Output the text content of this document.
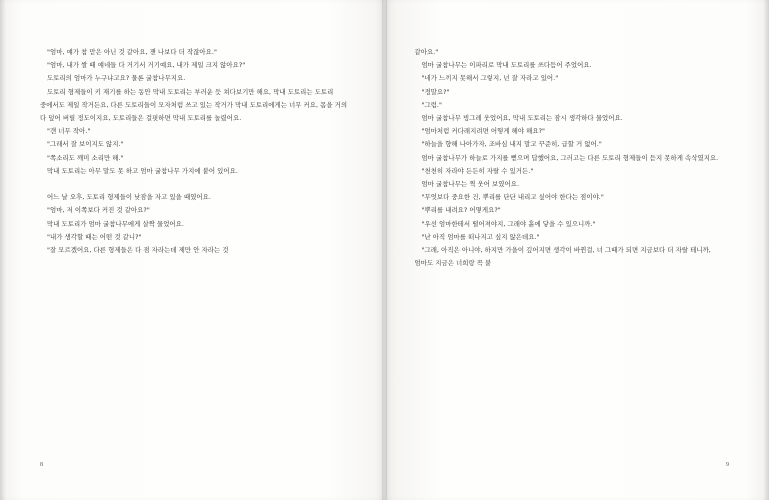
"엄마, 얘가 참 맏은 아닌 것 같아요, 쟨 나보다 더 작잖아요."

"엄마, 내가 쌀 때 얘네들 다 거기서 거기예요, 내가 제일 크지 않아요?"

도토리의 엄마가 누구냐고요? 물론 굴참나무지요.

도토리 형제들이 키 재기를 하는 동안 막내 도토리는 부러운 듯 쳐다보기만 해요, 막내 도토리는 도토리 중에서도 제일 작거든요, 다른 도토리들이 모자처럼 쓰고 있는 작거가 막내 도토리에게는 너무 커요, 몸을 거의 다 덮어 버릴 정도이지요, 도토리들은 걸핏하면 막내 도토리를 놀렸어요.

"걘 너무 작아."

"그래서 잘 보이지도 않지."

"쪽소리도 깨미 소리만 해."

막내 도토리는 아무 말도 못 하고 엄마 굴참나무 가지에 붙어 있어요.

어느 날 오후, 도토리 형제들이 낮잠을 자고 있을 때였어요.

"엄마, 저 이쪽보다 커진 것 같아요?"

막내 도토리가 엄마 굴참나무에게 살짝 물었어요.

"내가 생각할 때는 어떤 것 같니?"

"잘 모르겠어요, 다른 형제들은 다 점 자라는데 제만 안 자라는 것

8

같아요."

엄마 굴참나무는 이파리로 막내 도토리를 쓰다듬어 주었어요.

"네가 느끼지 못해서 그렇지, 넌 잘 자라고 있어."

"정말요?"

"그럼."

엄마 굴참나무 빙그레 웃었어요, 막내 도토리는 잠시 생각하다 물었어요.

"엄마처럼 커다래지려면 어떻게 해야 해요?"

"하늘을 향해 나아가자, 조바심 내지 말고 꾸준히, 급할 거 없어."

엄마 굴참나무가 하늘로 가지를 뻗으며 답했어요, 그러고는 다른 도토리 형제들이 듣지 못하게 속삭였지요.

"천천히 자라야 든든히 자랄 수 있거든."

엄마 굴참나무는 찍 웃어 보였어요.

"무엇보다 중요한 건, 뿌리를 단단 내리고 싶어야 한다는 점이야."

"뿌리를 내려요? 어떻게요?"

"우선 엄마한테서 떨어져야지, 그래야 흙에 닿을 수 있으니까."

"난 아직 엄마를 떠나지고 싶지 않은데요."

"그래, 아직은 아니야, 하지만 가을이 깊어지면 생각이 바뀐걸, 너 그때가 되면 지금보다 더 자랄 테니까, 엄마도 지금은 너희랑 꼭 붙

9
